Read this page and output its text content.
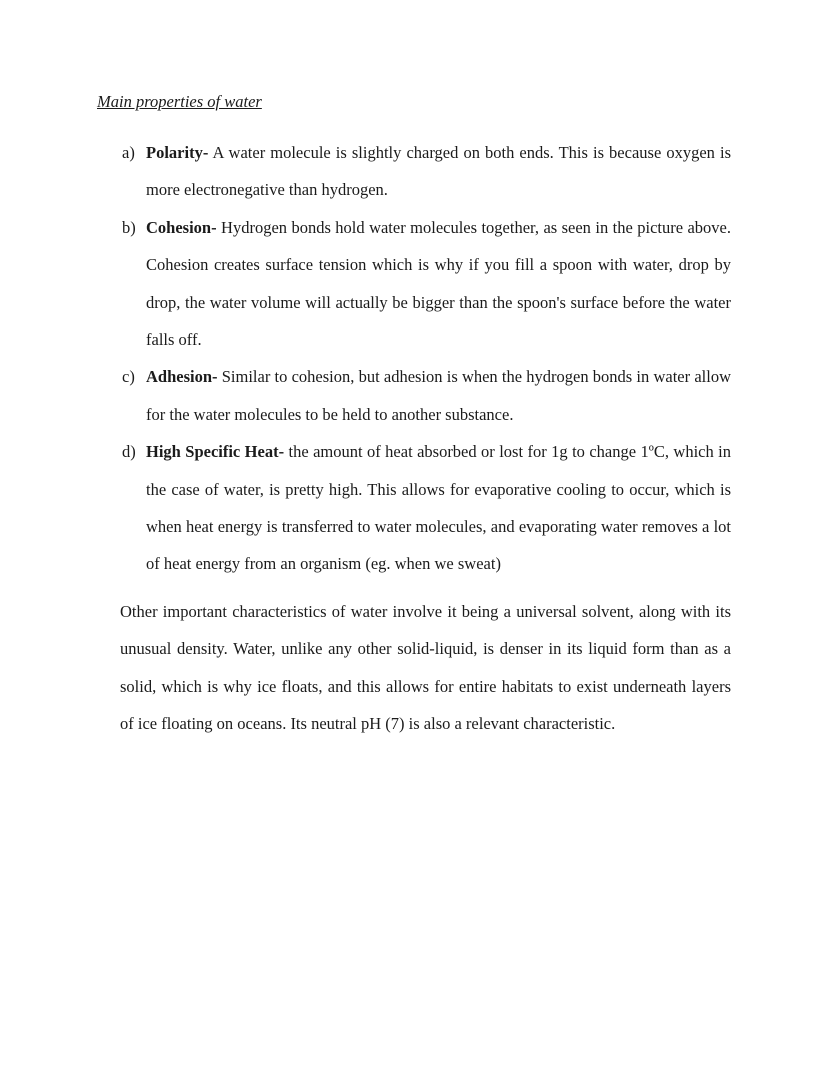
Main properties of water
a) Polarity- A water molecule is slightly charged on both ends. This is because oxygen is more electronegative than hydrogen.
b) Cohesion- Hydrogen bonds hold water molecules together, as seen in the picture above. Cohesion creates surface tension which is why if you fill a spoon with water, drop by drop, the water volume will actually be bigger than the spoon's surface before the water falls off.
c) Adhesion- Similar to cohesion, but adhesion is when the hydrogen bonds in water allow for the water molecules to be held to another substance.
d) High Specific Heat- the amount of heat absorbed or lost for 1g to change 1ºC, which in the case of water, is pretty high. This allows for evaporative cooling to occur, which is when heat energy is transferred to water molecules, and evaporating water removes a lot of heat energy from an organism (eg. when we sweat)

Other important characteristics of water involve it being a universal solvent, along with its unusual density. Water, unlike any other solid-liquid, is denser in its liquid form than as a solid, which is why ice floats, and this allows for entire habitats to exist underneath layers of ice floating on oceans. Its neutral pH (7) is also a relevant characteristic.
